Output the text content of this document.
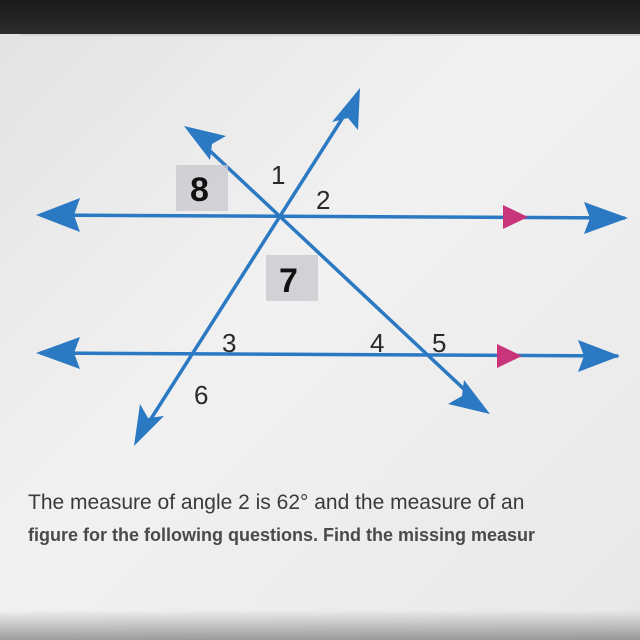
8 1
2
7
3	4 5
6
The measure of angle 2 is 62° and the measure of an
figure for the following questions. Find the missing measur
